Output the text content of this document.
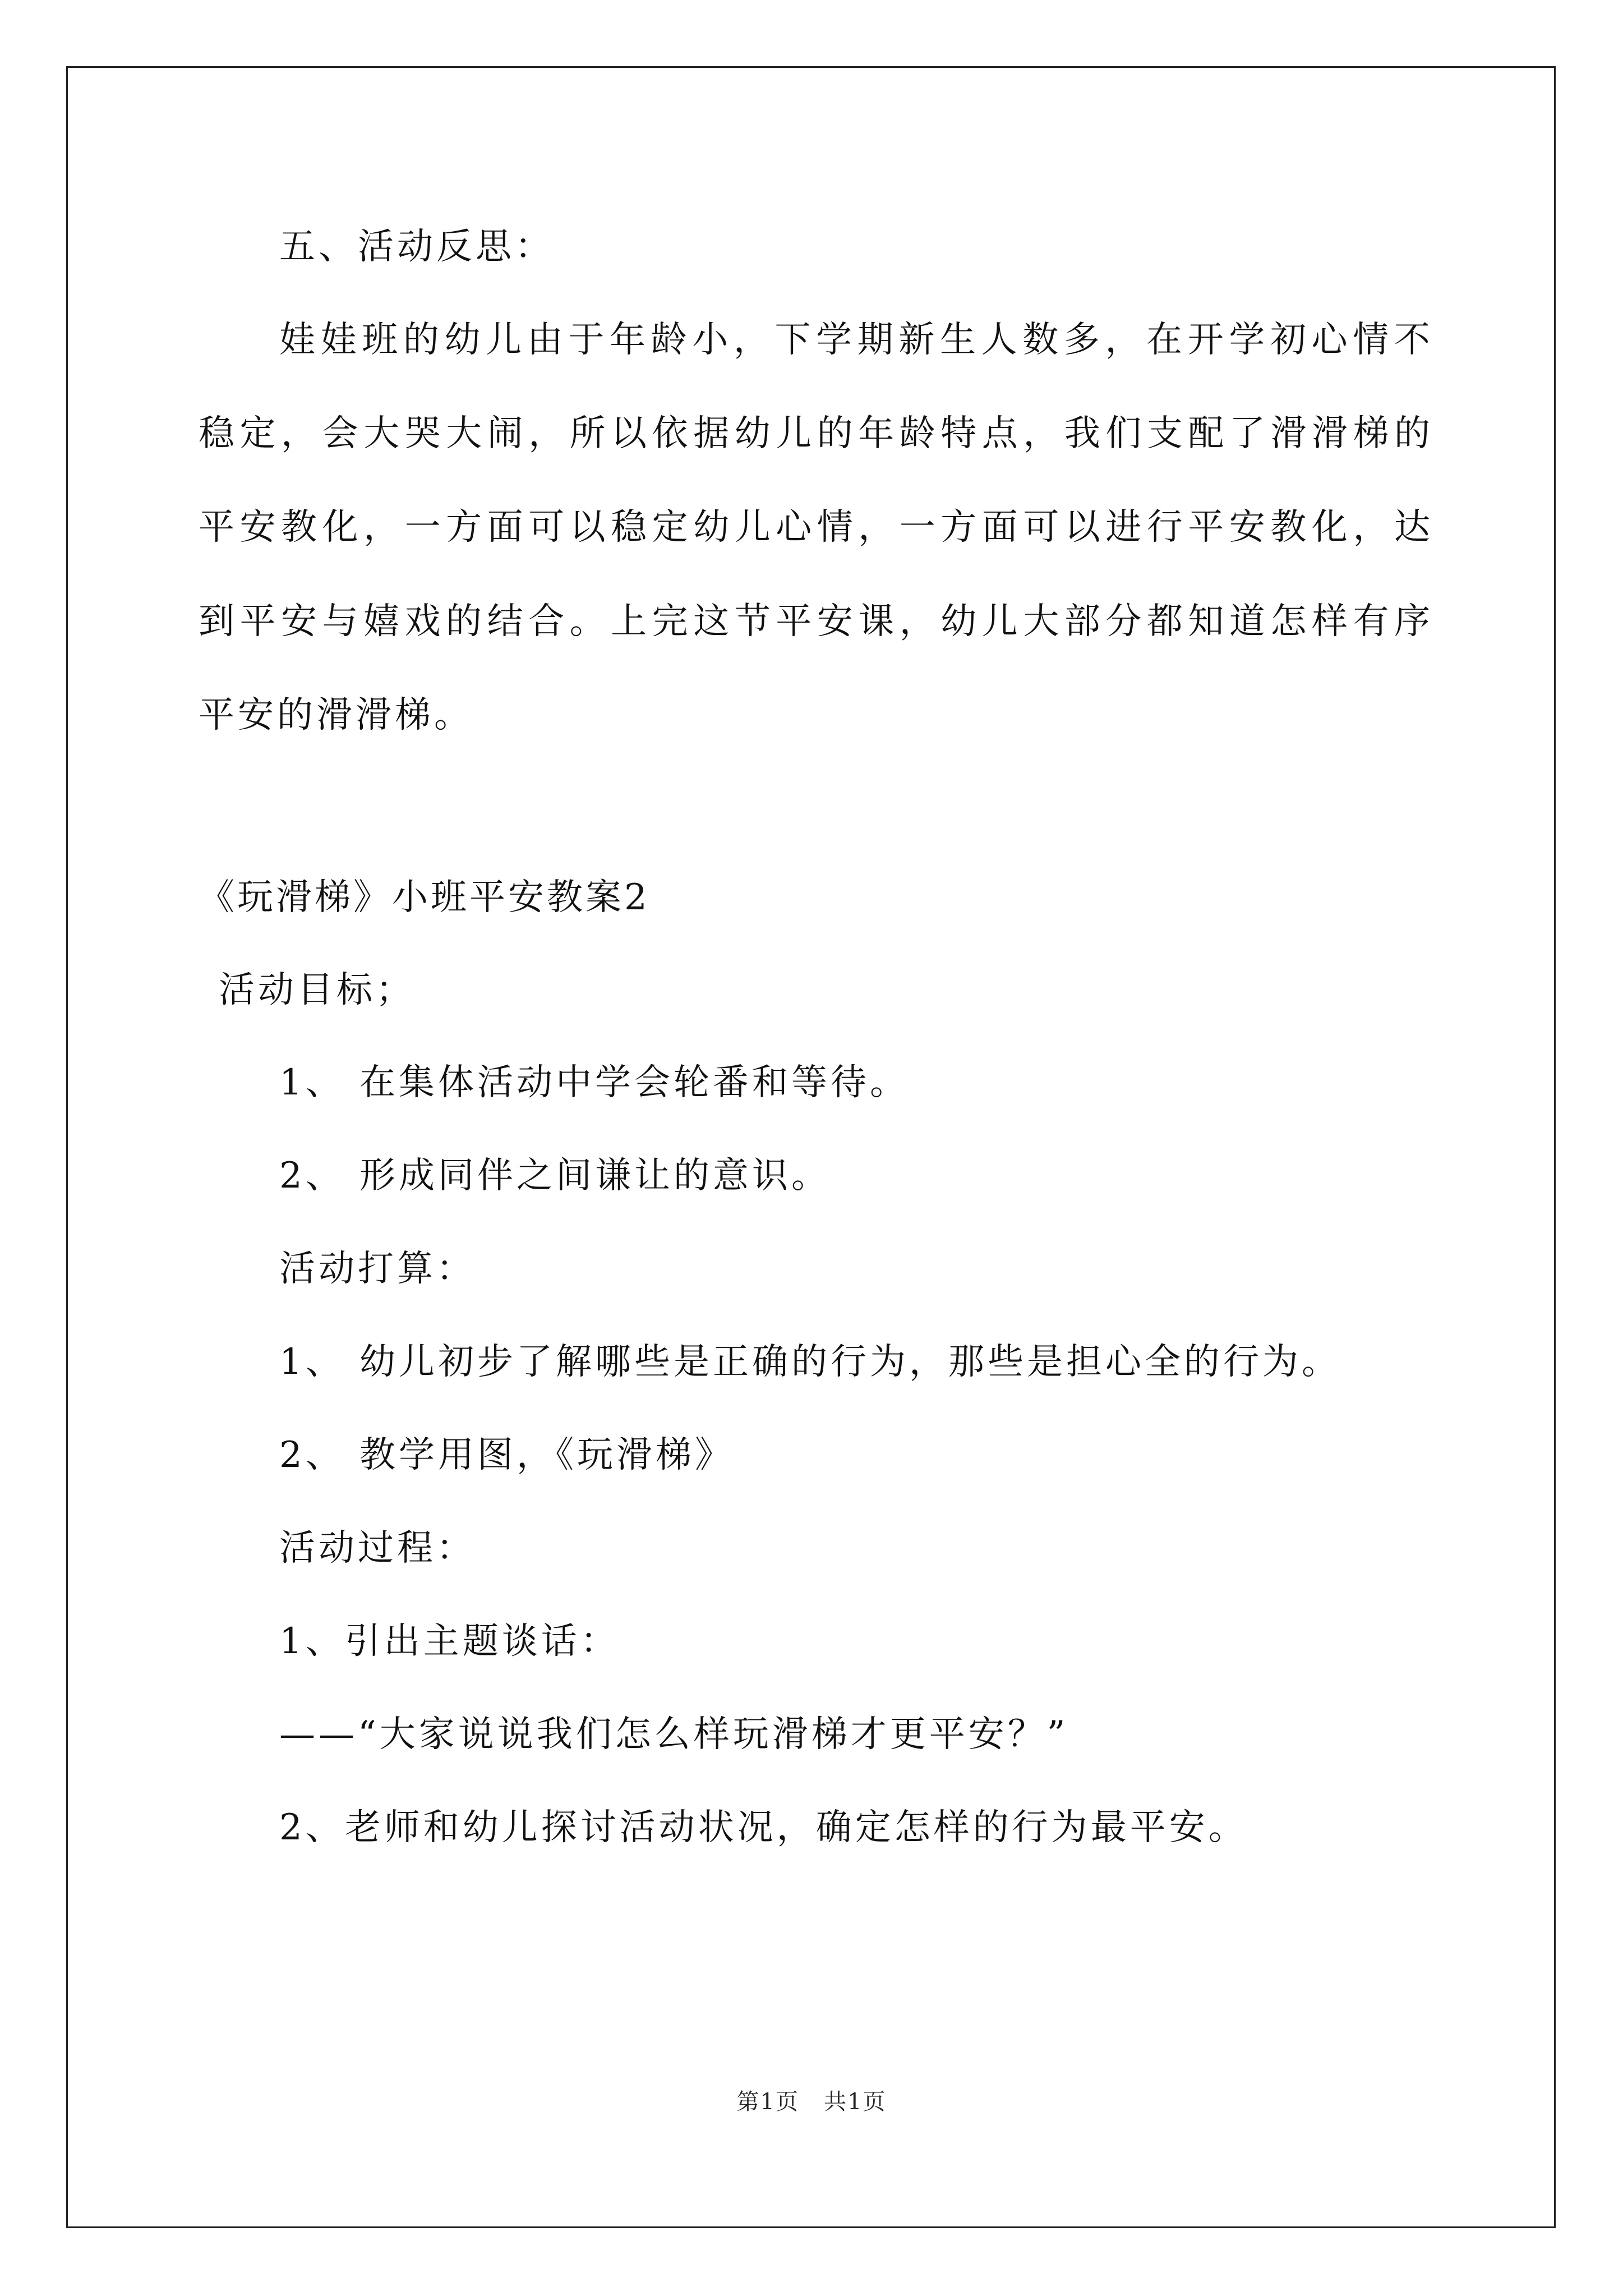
五、活动反思：
娃 娃 班 的 幼 儿 由 于 年 龄 小 ， 下 学 期 新 生 人 数 多 ， 在 开 学 初 心 情 不
稳 定 ， 会 大 哭 大 闹 ， 所 以 依 据 幼 儿 的 年 龄 特 点 ， 我 们 支 配 了 滑 滑 梯 的
平 安 教 化 ， 一 方 面 可 以 稳 定 幼 儿 心 情 ， 一 方 面 可 以 进 行 平 安 教 化 ， 达
到 平 安 与 嬉 戏 的 结 合 。 上 完 这 节 平 安 课 ， 幼 儿 大 部 分 都 知 道 怎 样 有 序
平安的滑滑梯。
《玩滑梯》小班平安教案2
活动目标；
1、 在集体活动中学会轮番和等待。
2、 形成同伴之间谦让的意识。
活动打算：
1、 幼儿初步了解哪些是正确的行为，那些是担心全的行为。
2、 教学用图，《玩滑梯》
活动过程：
1、引出主题谈话：
——“大家说说我们怎么样玩滑梯才更平安？”
2、老师和幼儿探讨活动状况，确定怎样的行为最平安。
第1页 共1页
